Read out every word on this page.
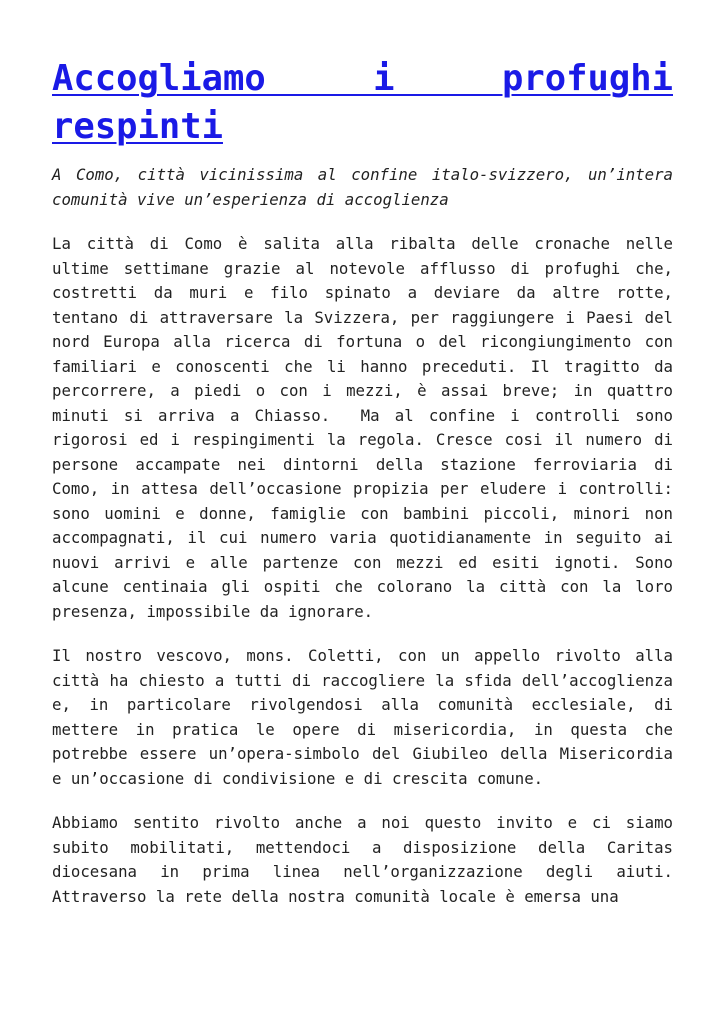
Accogliamo i profughi respinti

A Como, città vicinissima al confine italo-svizzero, un’intera comunità vive un’esperienza di accoglienza

La città di Como è salita alla ribalta delle cronache nelle ultime settimane grazie al notevole afflusso di profughi che, costretti da muri e filo spinato a deviare da altre rotte, tentano di attraversare la Svizzera, per raggiungere i Paesi del nord Europa alla ricerca di fortuna o del ricongiungimento con familiari e conoscenti che li hanno preceduti. Il tragitto da percorrere, a piedi o con i mezzi, è assai breve; in quattro minuti si arriva a Chiasso.  Ma al confine i controlli sono rigorosi ed i respingimenti la regola. Cresce cosi il numero di persone accampate nei dintorni della stazione ferroviaria di Como, in attesa dell’occasione propizia per eludere i controlli: sono uomini e donne, famiglie con bambini piccoli, minori non accompagnati, il cui numero varia quotidianamente in seguito ai nuovi arrivi e alle partenze con mezzi ed esiti ignoti. Sono alcune centinaia gli ospiti che colorano la città con la loro presenza, impossibile da ignorare.

Il nostro vescovo, mons. Coletti, con un appello rivolto alla città ha chiesto a tutti di raccogliere la sfida dell’accoglienza e, in particolare rivolgendosi alla comunità ecclesiale, di mettere in pratica le opere di misericordia, in questa che potrebbe essere un’opera-simbolo del Giubileo della Misericordia e un’occasione di condivisione e di crescita comune.

Abbiamo sentito rivolto anche a noi questo invito e ci siamo subito mobilitati, mettendoci a disposizione della Caritas diocesana in prima linea nell’organizzazione degli aiuti. Attraverso la rete della nostra comunità locale è emersa una
